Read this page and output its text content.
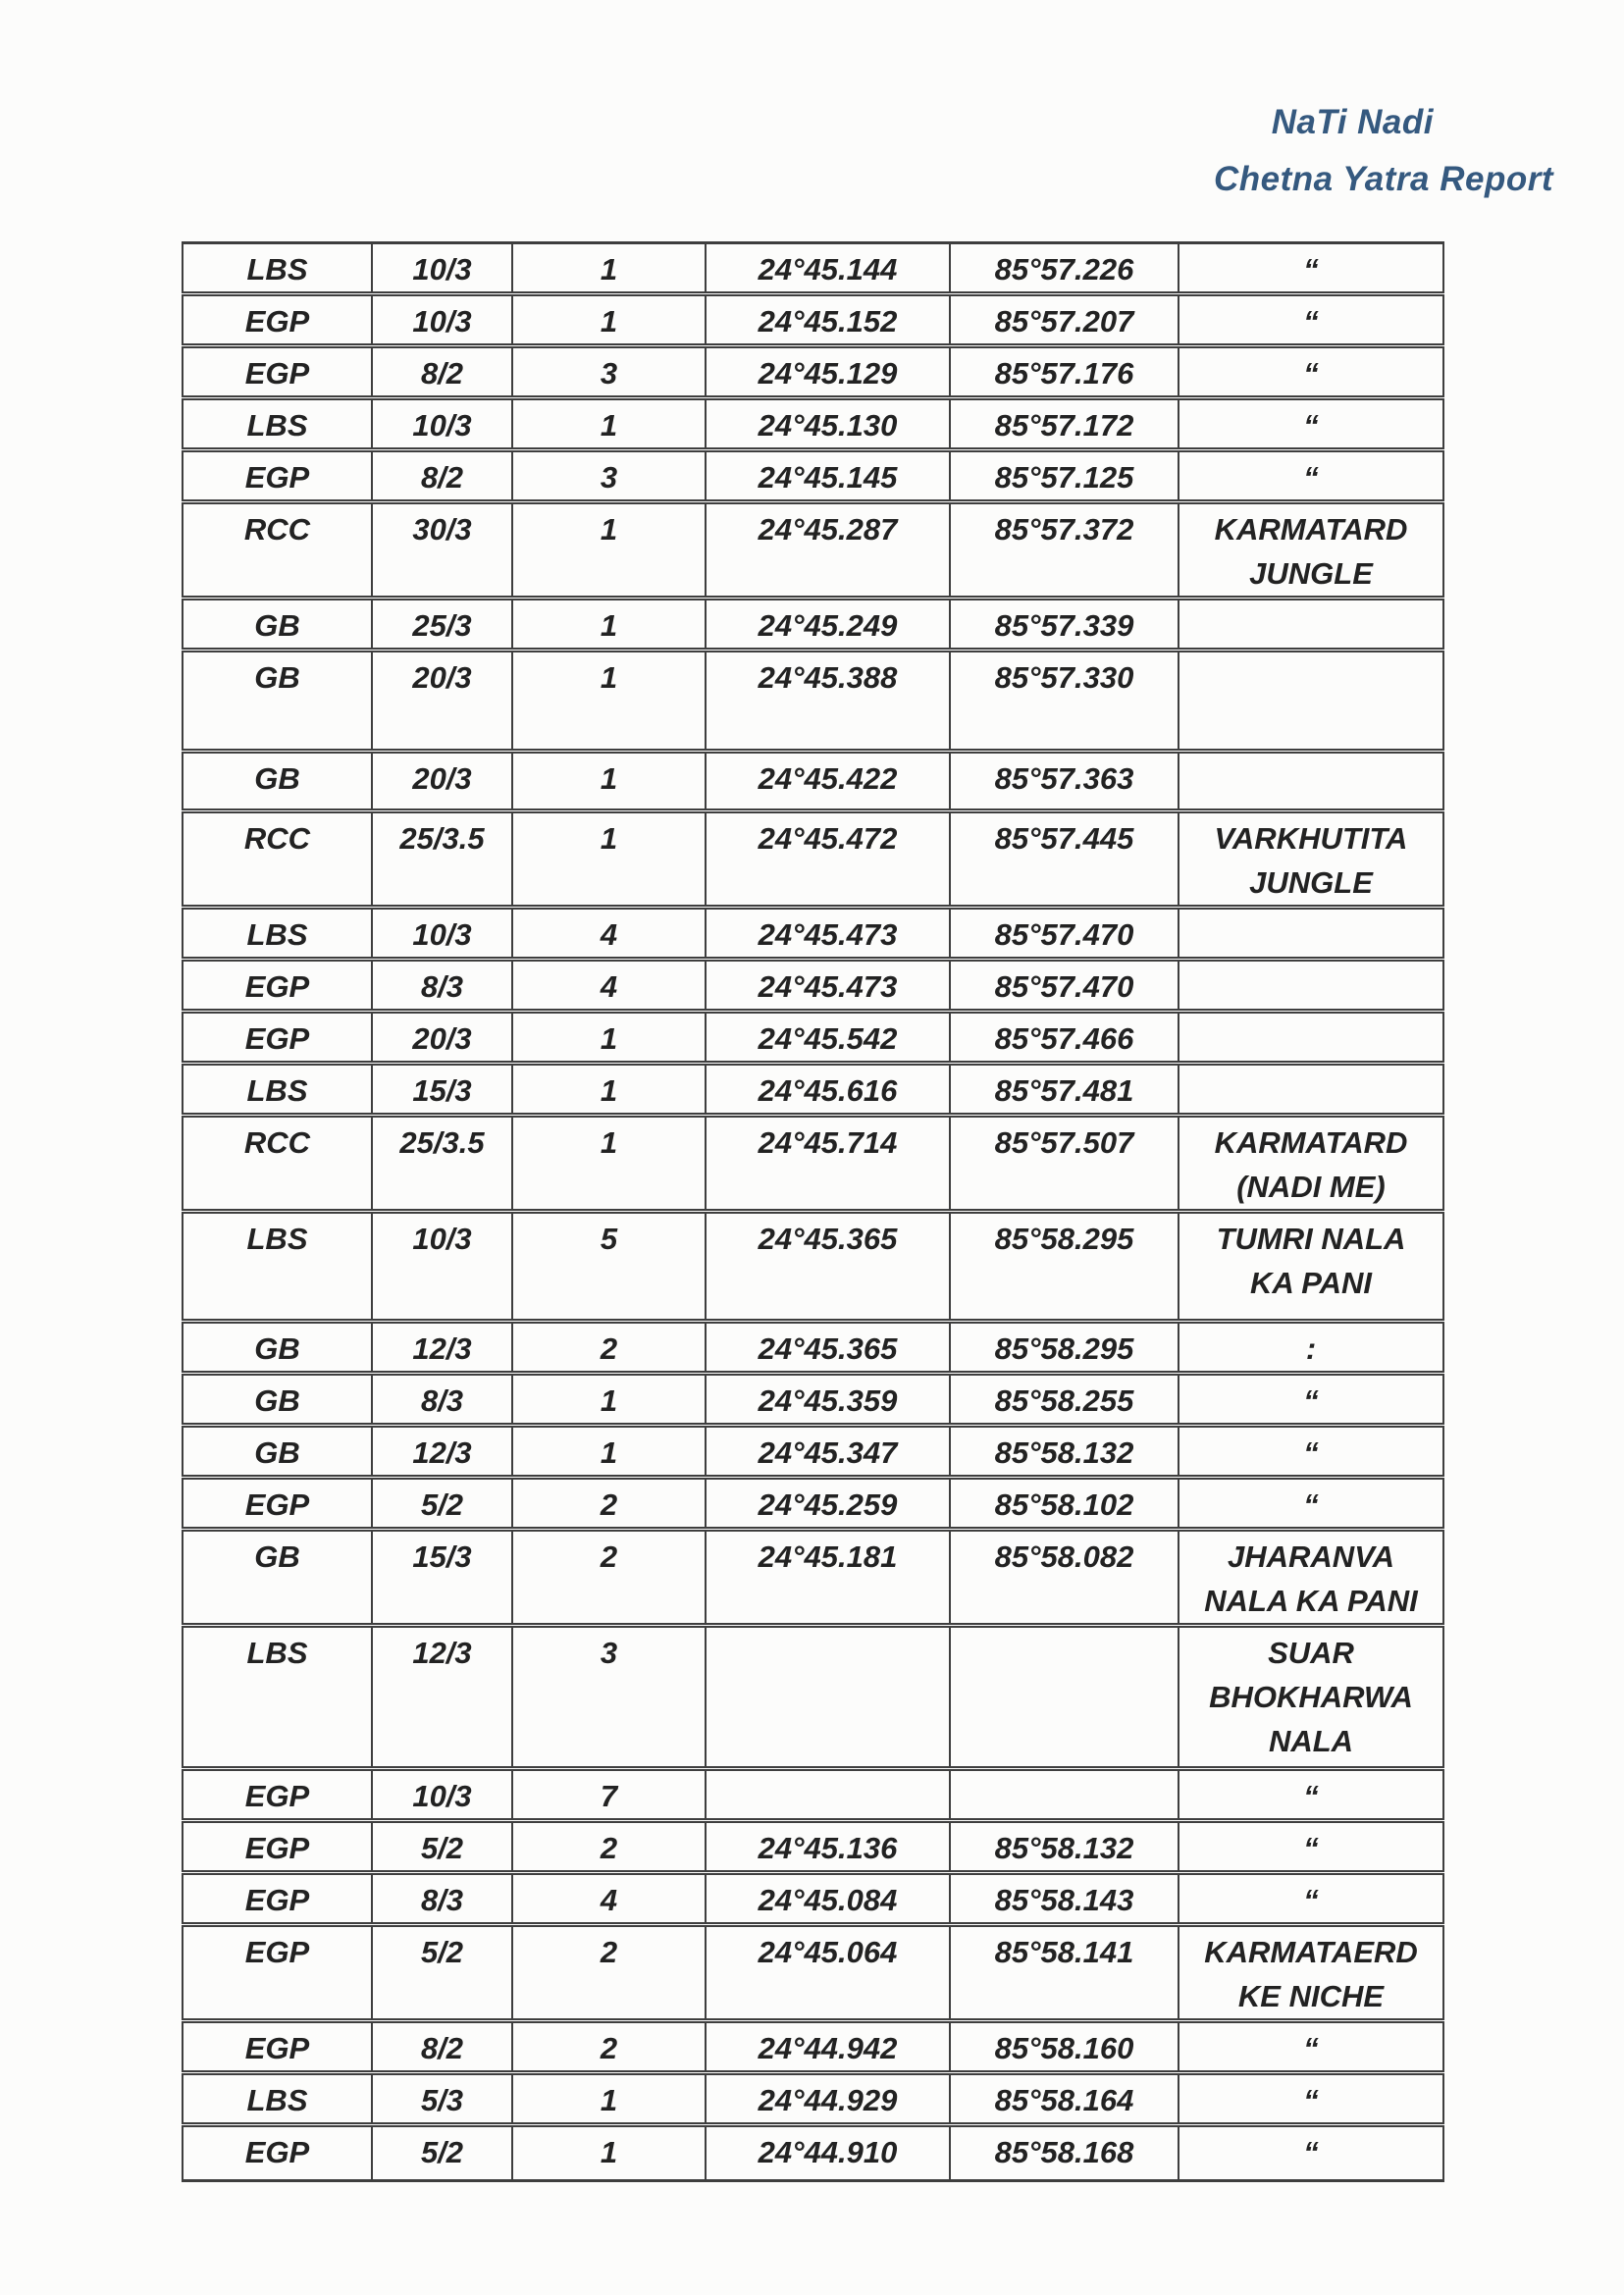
NaTi Nadi
Chetna Yatra Report
LBS	10/3	1	24°45.144	85°57.226	“
EGP	10/3	1	24°45.152	85°57.207	“
EGP	8/2	3	24°45.129	85°57.176	“
LBS	10/3	1	24°45.130	85°57.172	“
EGP	8/2	3	24°45.145	85°57.125	“
RCC	30/3	1	24°45.287	85°57.372	KARMATARD JUNGLE
GB	25/3	1	24°45.249	85°57.339	
GB	20/3	1	24°45.388	85°57.330	
GB	20/3	1	24°45.422	85°57.363	
RCC	25/3.5	1	24°45.472	85°57.445	VARKHUTITA JUNGLE
LBS	10/3	4	24°45.473	85°57.470	
EGP	8/3	4	24°45.473	85°57.470	
EGP	20/3	1	24°45.542	85°57.466	
LBS	15/3	1	24°45.616	85°57.481	
RCC	25/3.5	1	24°45.714	85°57.507	KARMATARD (NADI ME)
LBS	10/3	5	24°45.365	85°58.295	TUMRI NALA KA PANI
GB	12/3	2	24°45.365	85°58.295	:
GB	8/3	1	24°45.359	85°58.255	“
GB	12/3	1	24°45.347	85°58.132	“
EGP	5/2	2	24°45.259	85°58.102	“
GB	15/3	2	24°45.181	85°58.082	JHARANVA NALA KA PANI
LBS	12/3	3			SUAR BHOKHARWA NALA
EGP	10/3	7			“
EGP	5/2	2	24°45.136	85°58.132	“
EGP	8/3	4	24°45.084	85°58.143	“
EGP	5/2	2	24°45.064	85°58.141	KARMATAERD KE NICHE
EGP	8/2	2	24°44.942	85°58.160	“
LBS	5/3	1	24°44.929	85°58.164	“
EGP	5/2	1	24°44.910	85°58.168	“
